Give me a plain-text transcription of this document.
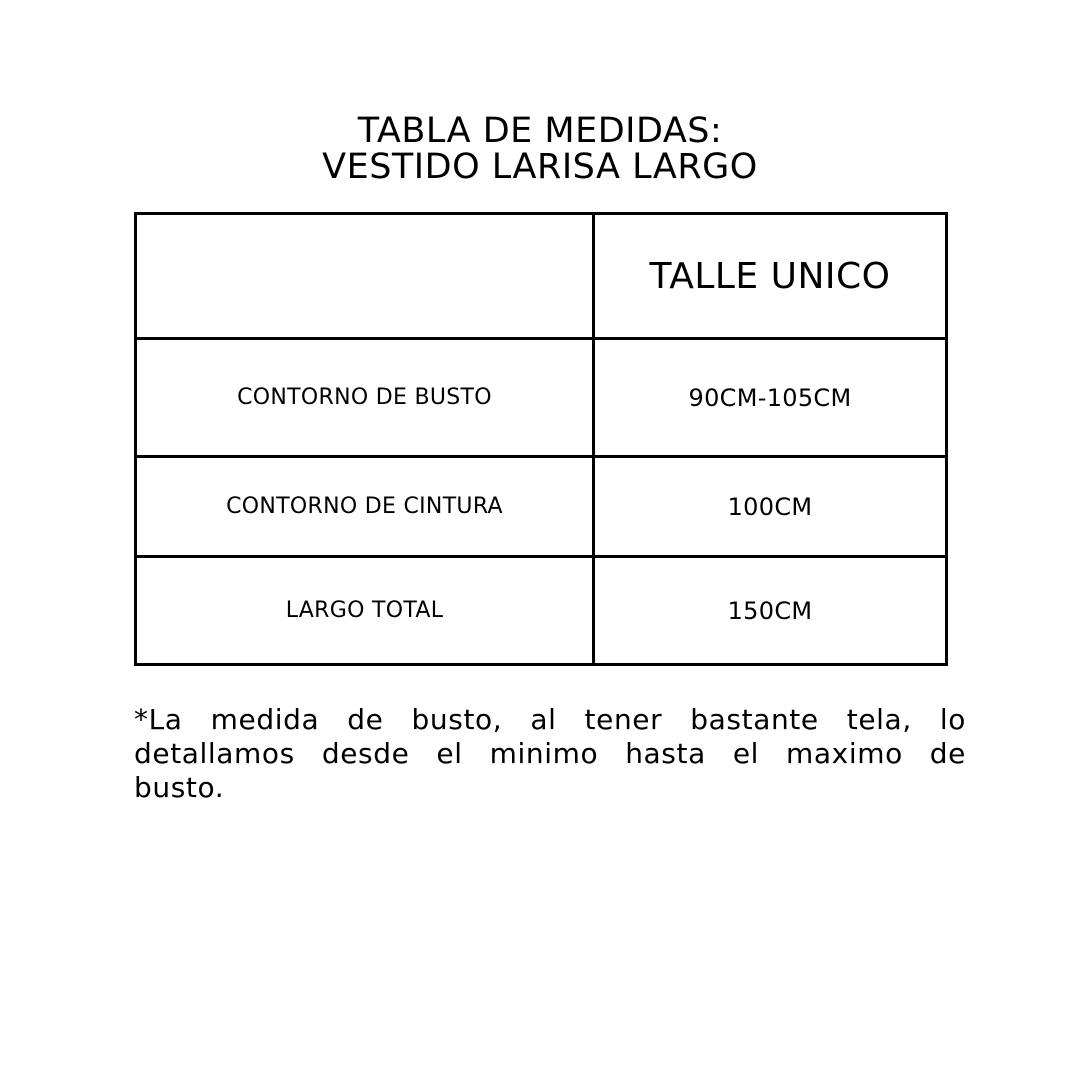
TABLA DE MEDIDAS:
VESTIDO LARISA LARGO
	TALLE UNICO
CONTORNO DE BUSTO	90CM-105CM
CONTORNO DE CINTURA	100CM
LARGO TOTAL	150CM

*La medida de busto, al tener bastante tela, lo detallamos desde el minimo hasta el maximo de busto.
